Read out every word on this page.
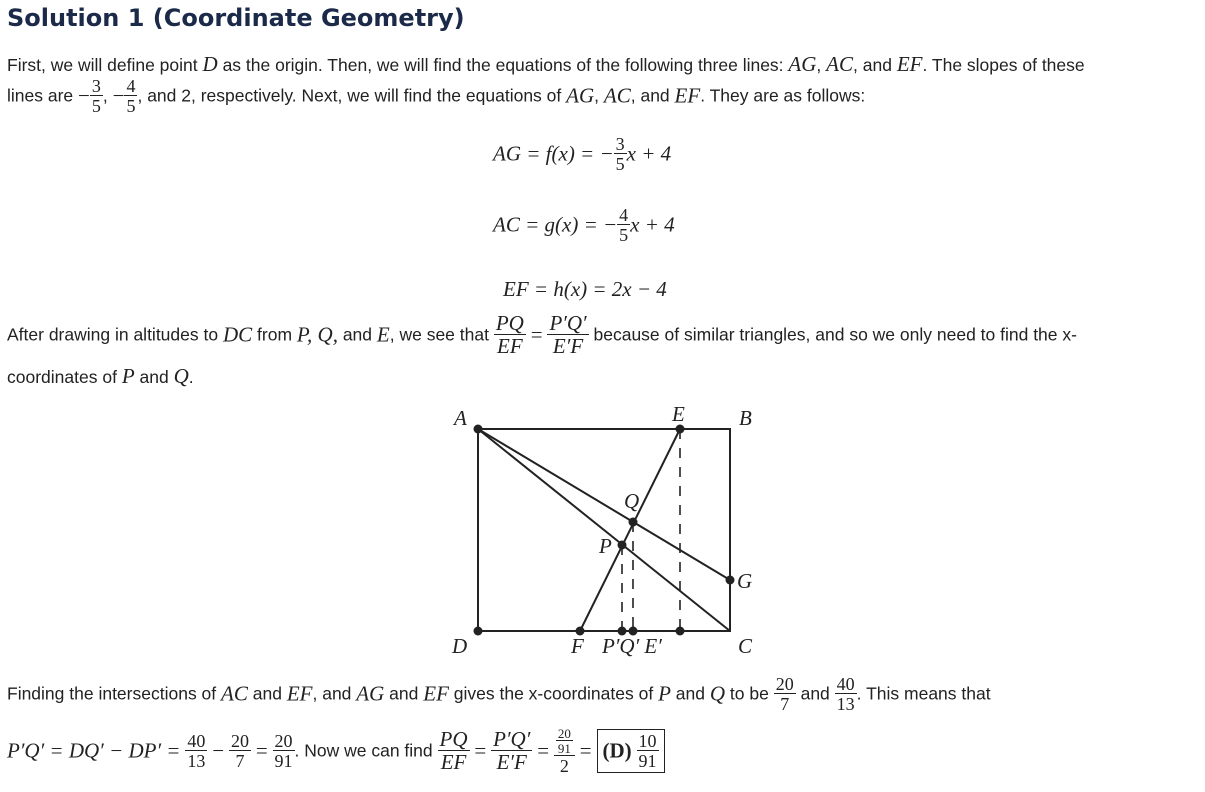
Solution 1 (Coordinate Geometry)
First, we will define point D as the origin. Then, we will find the equations of the following three lines: AG, AC, and EF. The slopes of these
lines are − $\frac{3}{5}$ , − $\frac{4}{5}$ , and 2, respectively. Next, we will find the equations of AG, AC, and EF. They are as follows:
AG = f(x) = − $\frac{3}{5}$ x + 4
AC = g(x) = − $\frac{4}{5}$ x + 4
EF = h(x) = 2x − 4
After drawing in altitudes to DC from P, Q, and E, we see that $\frac{PQ}{EF} = \frac{P'Q'}{E'F}$ because of similar triangles, and so we only need to find the x-
coordinates of P and Q.
A	E	B
Q
P
G
D	F P′Q′ E′	C
Finding the intersections of AC and EF, and AG and EF gives the x-coordinates of P and Q to be $\frac{20}{7}$ and $\frac{40}{13}$ . This means that
$P'Q' = DQ' - DP' = \frac{40}{13} - \frac{20}{7} = \frac{20}{91}$ . Now we can find $\frac{PQ}{EF} = \frac{P'Q'}{E'F} = \frac{\frac{20}{91}}{2} = (D) \frac{10}{91}$
